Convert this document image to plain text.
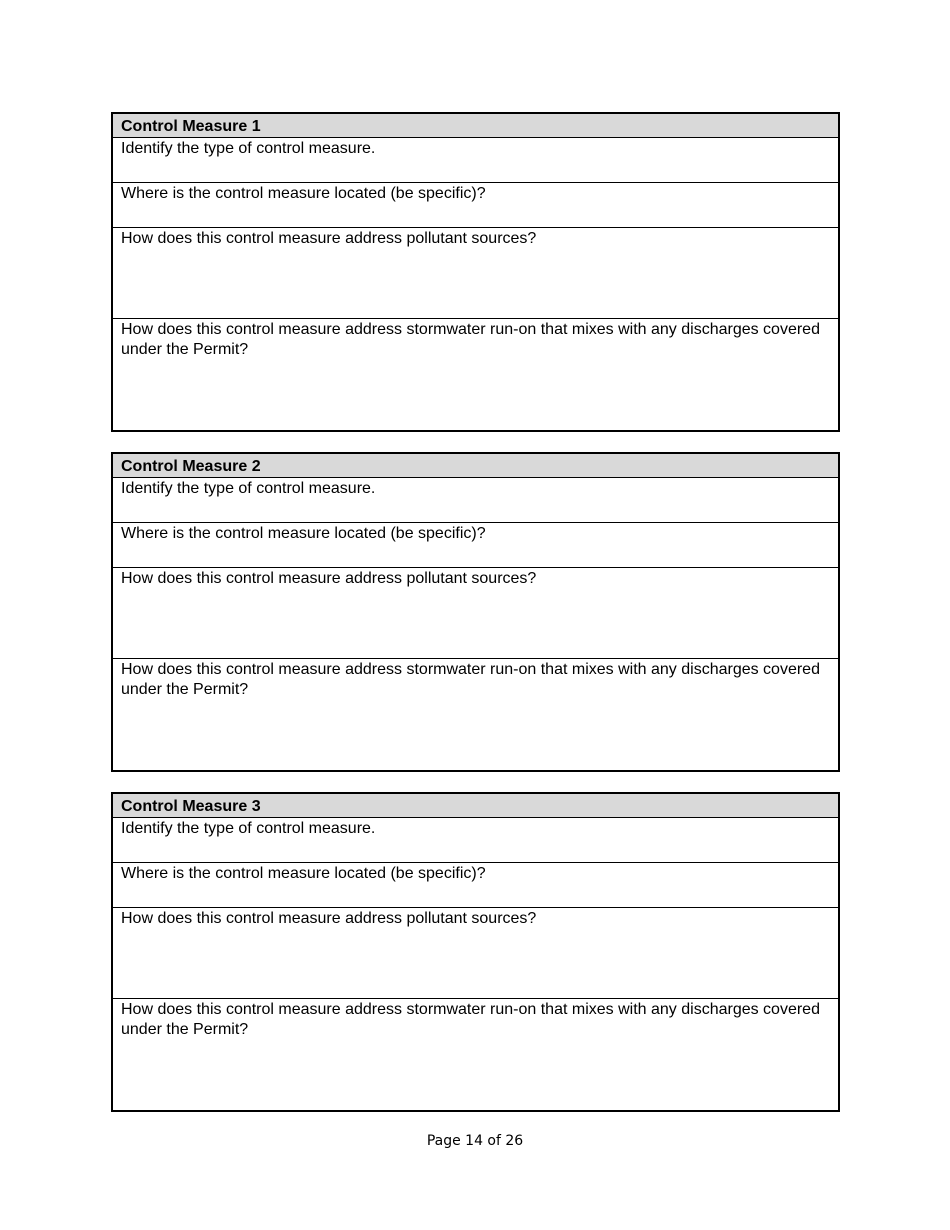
Control Measure 1
Identify the type of control measure.
Where is the control measure located (be specific)?
How does this control measure address pollutant sources?
How does this control measure address stormwater run-on that mixes with any discharges covered under the Permit?
Control Measure 2
Identify the type of control measure.
Where is the control measure located (be specific)?
How does this control measure address pollutant sources?
How does this control measure address stormwater run-on that mixes with any discharges covered under the Permit?
Control Measure 3
Identify the type of control measure.
Where is the control measure located (be specific)?
How does this control measure address pollutant sources?
How does this control measure address stormwater run-on that mixes with any discharges covered under the Permit?
Page 14 of 26
